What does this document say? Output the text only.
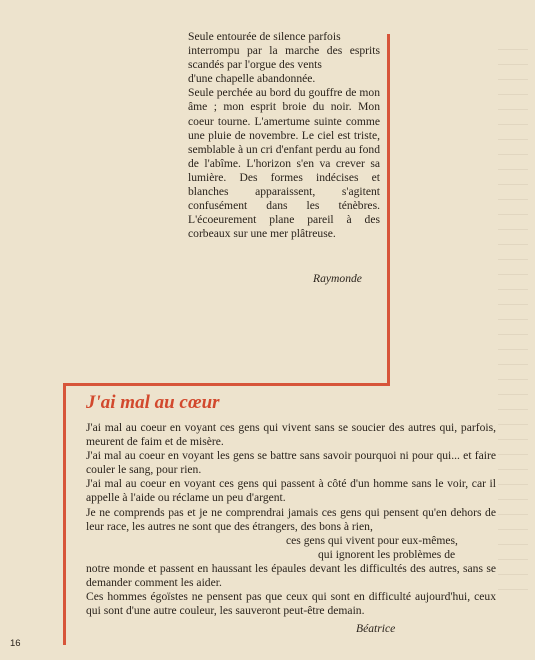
Seule entourée de silence parfois

interrompu par la marche des esprits scandés par l'orgue des vents

d'une chapelle abandonnée.

Seule perchée au bord du gouffre de mon âme ; mon esprit broie du noir. Mon coeur tourne. L'amertume suinte comme une pluie de novembre. Le ciel est triste, semblable à un cri d'enfant perdu au fond de l'abîme. L'horizon s'en va crever sa lumière. Des formes indécises et blanches apparaissent, s'agitent confusément dans les ténèbres. L'écoeurement plane pareil à des corbeaux sur une mer plâtreuse.

Raymonde
J'ai mal au cœur

J'ai mal au coeur en voyant ces gens qui vivent sans se soucier des autres qui, parfois, meurent de faim et de misère.

J'ai mal au coeur en voyant les gens se battre sans savoir pourquoi ni pour qui... et faire couler le sang, pour rien.

J'ai mal au coeur en voyant ces gens qui passent à côté d'un homme sans le voir, car il appelle à l'aide ou réclame un peu d'argent.

Je ne comprends pas et je ne comprendrai jamais ces gens qui pensent qu'en dehors de leur race, les autres ne sont que des étrangers, des bons à rien,

ces gens qui vivent pour eux-mêmes,

qui ignorent les problèmes de

notre monde et passent en haussant les épaules devant les difficultés des autres, sans se demander comment les aider.

Ces hommes égoïstes ne pensent pas que ceux qui sont en difficulté aujourd'hui, ceux qui sont d'une autre couleur, les sauveront peut-être demain.

Béatrice
16
